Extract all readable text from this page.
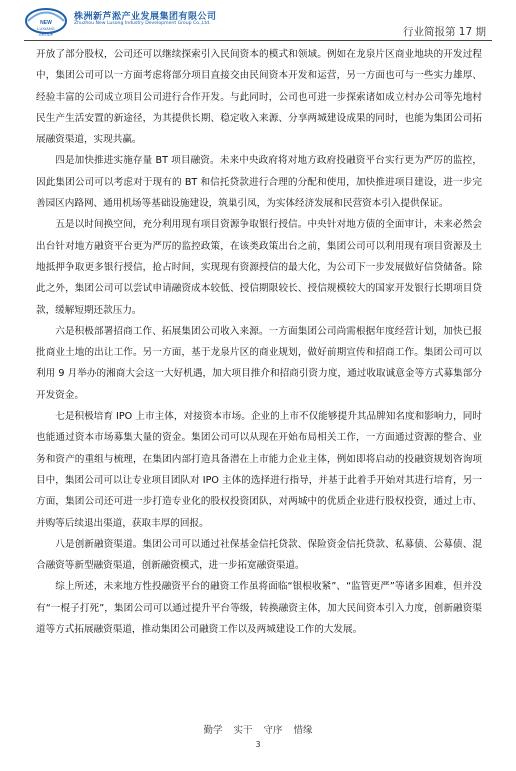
NEW
LUXIANG
GROUP
株洲新芦淞产业发展集团有限公司
Zhuzhou New Lusong Industry Development Group Co.,Ltd.
行业简报第 17 期

开放了部分股权，公司还可以继续探索引入民间资本的模式和领域。例如在龙泉片区商业地块的开发过程中，集团公司可以一方面考虑将部分项目直接交由民间资本开发和运营，另一方面也可与一些实力雄厚、经验丰富的公司成立项目公司进行合作开发。与此同时，公司也可进一步探索诸如成立村办公司等先地村民生产生活安置的新途径，为其提供长期、稳定收入来源、分享两城建设成果的同时，也能为集团公司拓展融资渠道，实现共赢。

四是加快推进实施存量 BT 项目融资。未来中央政府将对地方政府投融资平台实行更为严厉的监控，因此集团公司可以考虑对于现有的 BT 和信托贷款进行合理的分配和使用，加快推进项目建设，进一步完善园区内路网、通用机场等基础设施建设，筑巢引凤，为实体经济发展和民营资本引入提供保证。

五是以时间换空间，充分利用现有项目资源争取银行授信。中央针对地方债的全面审计，未来必然会出台针对地方融资平台更为严厉的监控政策，在该类政策出台之前，集团公司可以利用现有项目资源及土地抵押争取更多银行授信，抢占时间，实现现有资源授信的最大化，为公司下一步发展做好信贷储备。除此之外，集团公司可以尝试申请融资成本较低、授信期限较长、授信规模较大的国家开发银行长期项目贷款，缓解短期还款压力。

六是积极部署招商工作、拓展集团公司收入来源。一方面集团公司尚需根据年度经营计划，加快已报批商业土地的出让工作。另一方面，基于龙泉片区的商业规划，做好前期宣传和招商工作。集团公司可以利用 9 月举办的湘商大会这一大好机遇，加大项目推介和招商引资力度，通过收取诚意金等方式募集部分开发资金。

七是积极培育 IPO 上市主体，对接资本市场。企业的上市不仅能够提升其品牌知名度和影响力，同时也能通过资本市场募集大量的资金。集团公司可以从现在开始布局相关工作，一方面通过资源的整合、业务和资产的重组与梳理，在集团内部打造具备潜在上市能力企业主体，例如即将启动的投融资规划咨询项目中，集团公司可以让专业项目团队对 IPO 主体的选择进行指导，并基于此着手开始对其进行培育，另一方面，集团公司还可进一步打造专业化的股权投资团队，对两城中的优质企业进行股权投资，通过上市、并购等后续退出渠道，获取丰厚的回报。

八是创新融资渠道。集团公司可以通过社保基金信托贷款、保险资金信托贷款、私募债、公募债、混合融资等新型融资渠道，创新融资模式，进一步拓宽融资渠道。

综上所述，未来地方性投融资平台的融资工作虽将面临“银根收紧”、“监管更严”等诸多困难，但并没有“一棍子打死”，集团公司可以通过提升平台等级，转换融资主体，加大民间资本引入力度，创新融资渠道等方式拓展融资渠道，推动集团公司融资工作以及两城建设工作的大发展。

勤学 实干 守序 惜缘
3
